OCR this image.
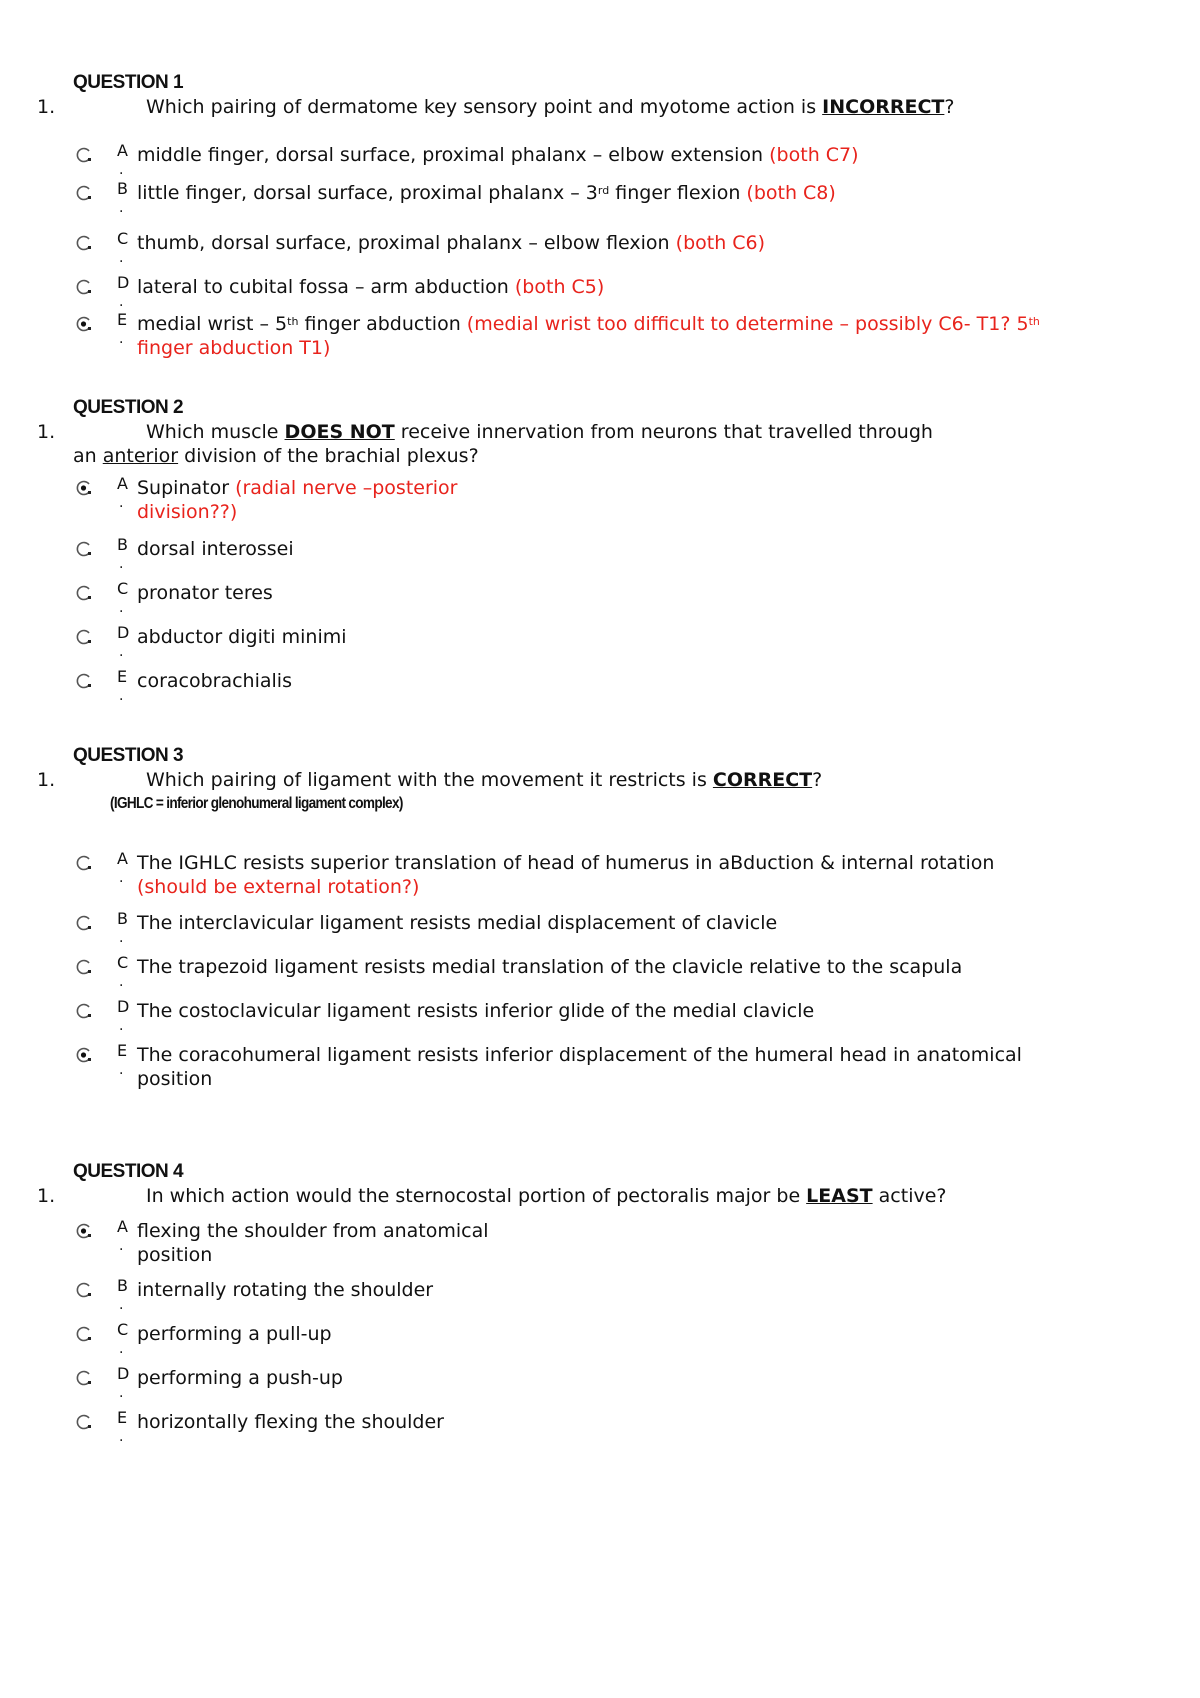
QUESTION 1
1.	Which pairing of dermatome key sensory point and myotome action is INCORRECT?
A
.
middle finger, dorsal surface, proximal phalanx – elbow extension (both C7)
B
.
little finger, dorsal surface, proximal phalanx – 3rd finger flexion (both C8)
C
.
thumb, dorsal surface, proximal phalanx – elbow flexion (both C6)
D
.
lateral to cubital fossa – arm abduction (both C5)
E
.
medial wrist – 5th finger abduction (medial wrist too difficult to determine – possibly C6- T1? 5th
finger abduction T1)
QUESTION 2
1.	Which muscle DOES NOT receive innervation from neurons that travelled through
an anterior division of the brachial plexus?
A
.
Supinator (radial nerve –posterior
division??)
B
.
dorsal interossei
C
.
pronator teres
D
.
abductor digiti minimi
E
.
coracobrachialis
QUESTION 3
1.	Which pairing of ligament with the movement it restricts is CORRECT?
(IGHLC = inferior glenohumeral ligament complex)
A
.
The IGHLC resists superior translation of head of humerus in aBduction & internal rotation
(should be external rotation?)
B
.
The interclavicular ligament resists medial displacement of clavicle
C
.
The trapezoid ligament resists medial translation of the clavicle relative to the scapula
D
.
The costoclavicular ligament resists inferior glide of the medial clavicle
E
.
The coracohumeral ligament resists inferior displacement of the humeral head in anatomical
position
QUESTION 4
1.	In which action would the sternocostal portion of pectoralis major be LEAST active?
A
.
flexing the shoulder from anatomical
position
B
.
internally rotating the shoulder
C
.
performing a pull-up
D
.
performing a push-up
E
.
horizontally flexing the shoulder
